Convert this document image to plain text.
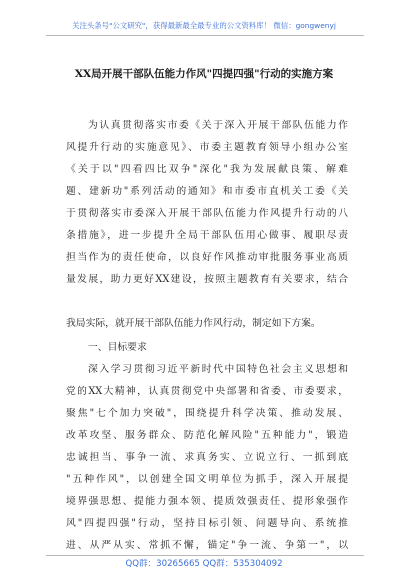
关注头条号"公文研究"，获得最新最全最专业的公文资料库！ 微信：gongwenyj
XX局开展干部队伍能力作风"四提四强"行动的实施方案
为认真贯彻落实市委《关于深入开展干部队伍能力作
风提升行动的实施意见》、市委主题教育领导小组办公室
《关于以"四看四比双争"深化"我为发展献良策、解难
题、建新功"系列活动的通知》和市委市直机关工委《关
于贯彻落实市委深入开展干部队伍能力作风提升行动的八
条措施》，进一步提升全局干部队伍用心做事、履职尽责
担当作为的责任使命，以良好作风推动审批服务事业高质
量发展，助力更好XX建设，按照主题教育有关要求，结合
我局实际，就开展干部队伍能力作风行动，制定如下方案。
一、目标要求
深入学习贯彻习近平新时代中国特色社会主义思想和
党的XX大精神，认真贯彻党中央部署和省委、市委要求，
聚焦"七个加力突破"，围绕提升科学决策、推动发展、
改革攻坚、服务群众、防范化解风险"五种能力"，锻造
忠诚担当、事争一流、求真务实、立说立行、一抓到底
"五种作风"，以创建全国文明单位为抓手，深入开展提
境界强思想、提能力强本领、提质效强责任、提形象强作
风"四提四强"行动，坚持目标引领、问题导向、系统推
进、从严从实、常抓不懈，锚定"争一流、争第一"，以
QQ群：30265665 QQ群：535304092
